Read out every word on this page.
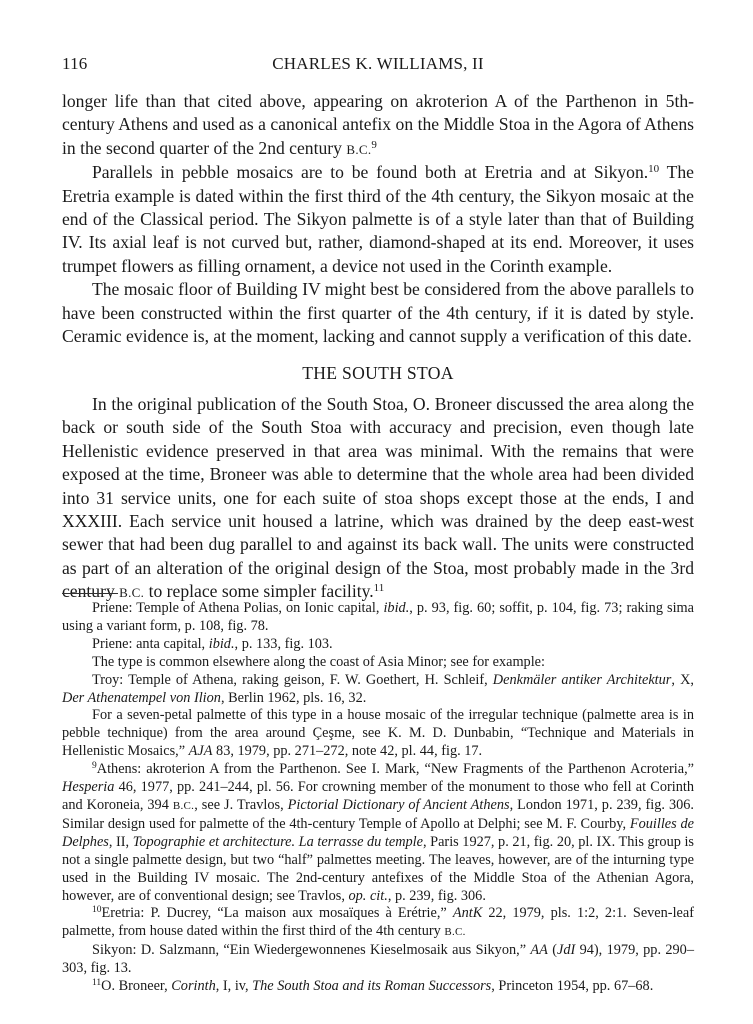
116	CHARLES K. WILLIAMS, II

longer life than that cited above, appearing on akroterion A of the Parthenon in 5th-century Athens and used as a canonical antefix on the Middle Stoa in the Agora of Athens in the second quarter of the 2nd century B.C.$^9$

Parallels in pebble mosaics are to be found both at Eretria and at Sikyon.$^{10}$ The Eretria example is dated within the first third of the 4th century, the Sikyon mosaic at the end of the Classical period. The Sikyon palmette is of a style later than that of Building IV. Its axial leaf is not curved but, rather, diamond-shaped at its end. Moreover, it uses trumpet flowers as filling ornament, a device not used in the Corinth example.

The mosaic floor of Building IV might best be considered from the above parallels to have been constructed within the first quarter of the 4th century, if it is dated by style. Ceramic evidence is, at the moment, lacking and cannot supply a verification of this date.

THE SOUTH STOA

In the original publication of the South Stoa, O. Broneer discussed the area along the back or south side of the South Stoa with accuracy and precision, even though late Hellenistic evidence preserved in that area was minimal. With the remains that were exposed at the time, Broneer was able to determine that the whole area had been divided into 31 service units, one for each suite of stoa shops except those at the ends, I and XXXIII. Each service unit housed a latrine, which was drained by the deep east-west sewer that had been dug parallel to and against its back wall. The units were constructed as part of an alteration of the original design of the Stoa, most probably made in the 3rd century B.C. to replace some simpler facility.$^{11}$

Priene: Temple of Athena Polias, on Ionic capital, ibid., p. 93, fig. 60; soffit, p. 104, fig. 73; raking sima using a variant form, p. 108, fig. 78.

Priene: anta capital, ibid., p. 133, fig. 103.

The type is common elsewhere along the coast of Asia Minor; see for example:

Troy: Temple of Athena, raking geison, F. W. Goethert, H. Schleif, Denkmäler antiker Architektur, X, Der Athenatempel von Ilion, Berlin 1962, pls. 16, 32.

For a seven-petal palmette of this type in a house mosaic of the irregular technique (palmette area is in pebble technique) from the area around Çeşme, see K. M. D. Dunbabin, “Technique and Materials in Hellenistic Mosaics,” AJA 83, 1979, pp. 271–272, note 42, pl. 44, fig. 17.

$^9$Athens: akroterion A from the Parthenon. See I. Mark, “New Fragments of the Parthenon Acroteria,” Hesperia 46, 1977, pp. 241–244, pl. 56. For crowning member of the monument to those who fell at Corinth and Koroneia, 394 B.C., see J. Travlos, Pictorial Dictionary of Ancient Athens, London 1971, p. 239, fig. 306. Similar design used for palmette of the 4th-century Temple of Apollo at Delphi; see M. F. Courby, Fouilles de Delphes, II, Topographie et architecture. La terrasse du temple, Paris 1927, p. 21, fig. 20, pl. IX. This group is not a single palmette design, but two “half” palmettes meeting. The leaves, however, are of the inturning type used in the Building IV mosaic. The 2nd-century antefixes of the Middle Stoa of the Athenian Agora, however, are of conventional design; see Travlos, op. cit., p. 239, fig. 306.

$^{10}$Eretria: P. Ducrey, “La maison aux mosaïques à Erétrie,” AntK 22, 1979, pls. 1:2, 2:1. Seven-leaf palmette, from house dated within the first third of the 4th century B.C.

Sikyon: D. Salzmann, “Ein Wiedergewonnenes Kieselmosaik aus Sikyon,” AA (JdI 94), 1979, pp. 290–303, fig. 13.

$^{11}$O. Broneer, Corinth, I, iv, The South Stoa and its Roman Successors, Princeton 1954, pp. 67–68.
